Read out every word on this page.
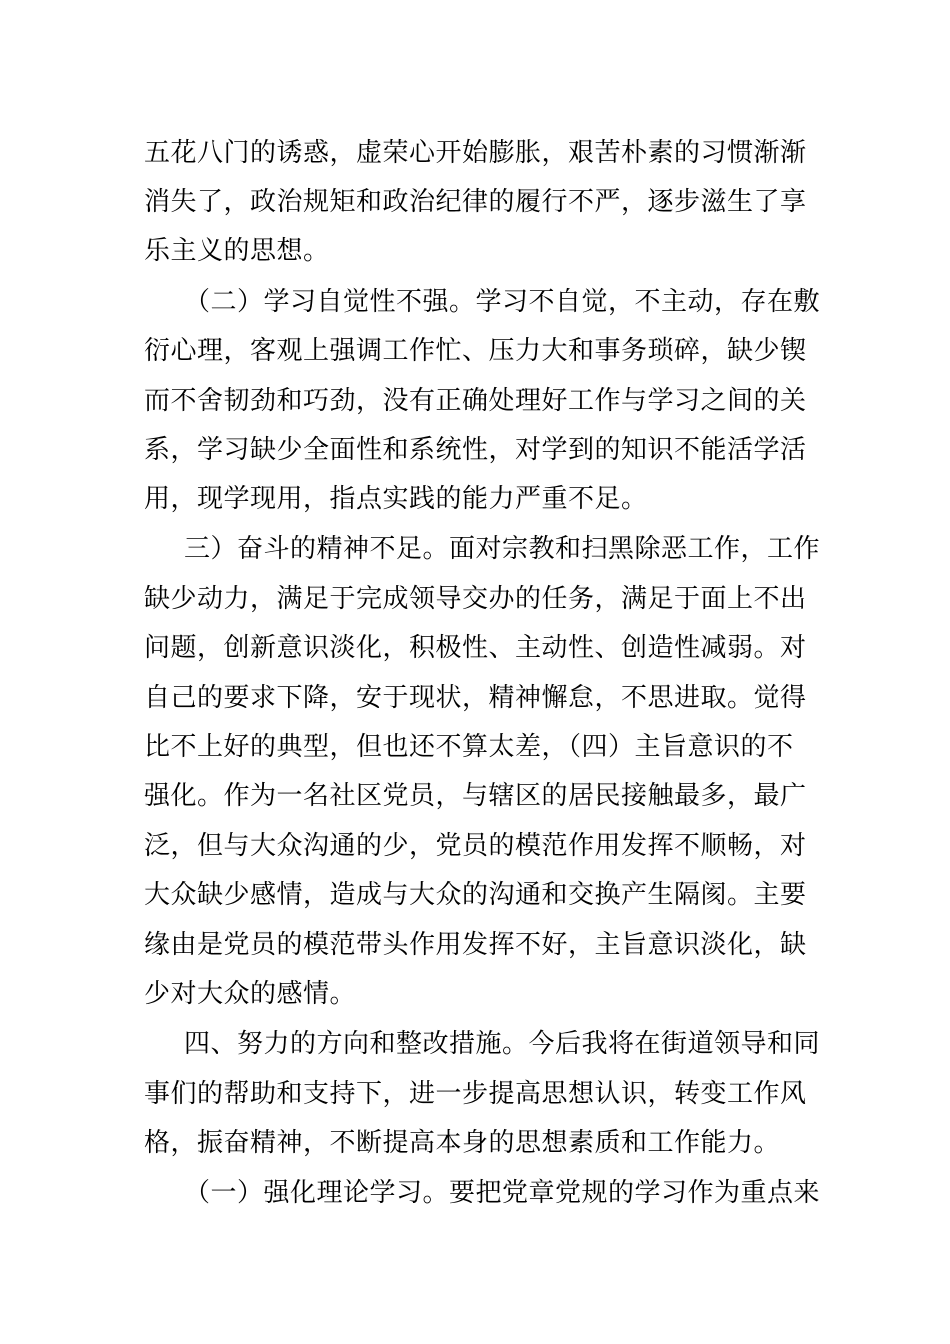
五花八门的诱惑，虚荣心开始膨胀，艰苦朴素的习惯渐渐
消失了，政治规矩和政治纪律的履行不严，逐步滋生了享
乐主义的思想。
（二）学习自觉性不强。学习不自觉，不主动，存在敷
衍心理，客观上强调工作忙、压力大和事务琐碎，缺少锲
而不舍韧劲和巧劲，没有正确处理好工作与学习之间的关
系，学习缺少全面性和系统性，对学到的知识不能活学活
用，现学现用，指点实践的能力严重不足。
三）奋斗的精神不足。面对宗教和扫黑除恶工作，工作
缺少动力，满足于完成领导交办的任务，满足于面上不出
问题，创新意识淡化，积极性、主动性、创造性减弱。对
自己的要求下降，安于现状，精神懈怠，不思进取。觉得
比不上好的典型，但也还不算太差，（四）主旨意识的不
强化。作为一名社区党员，与辖区的居民接触最多，最广
泛，但与大众沟通的少，党员的模范作用发挥不顺畅，对
大众缺少感情，造成与大众的沟通和交换产生隔阂。主要
缘由是党员的模范带头作用发挥不好，主旨意识淡化，缺
少对大众的感情。
四、努力的方向和整改措施。今后我将在街道领导和同
事们的帮助和支持下，进一步提高思想认识，转变工作风
格，振奋精神，不断提高本身的思想素质和工作能力。
（一）强化理论学习。要把党章党规的学习作为重点来
